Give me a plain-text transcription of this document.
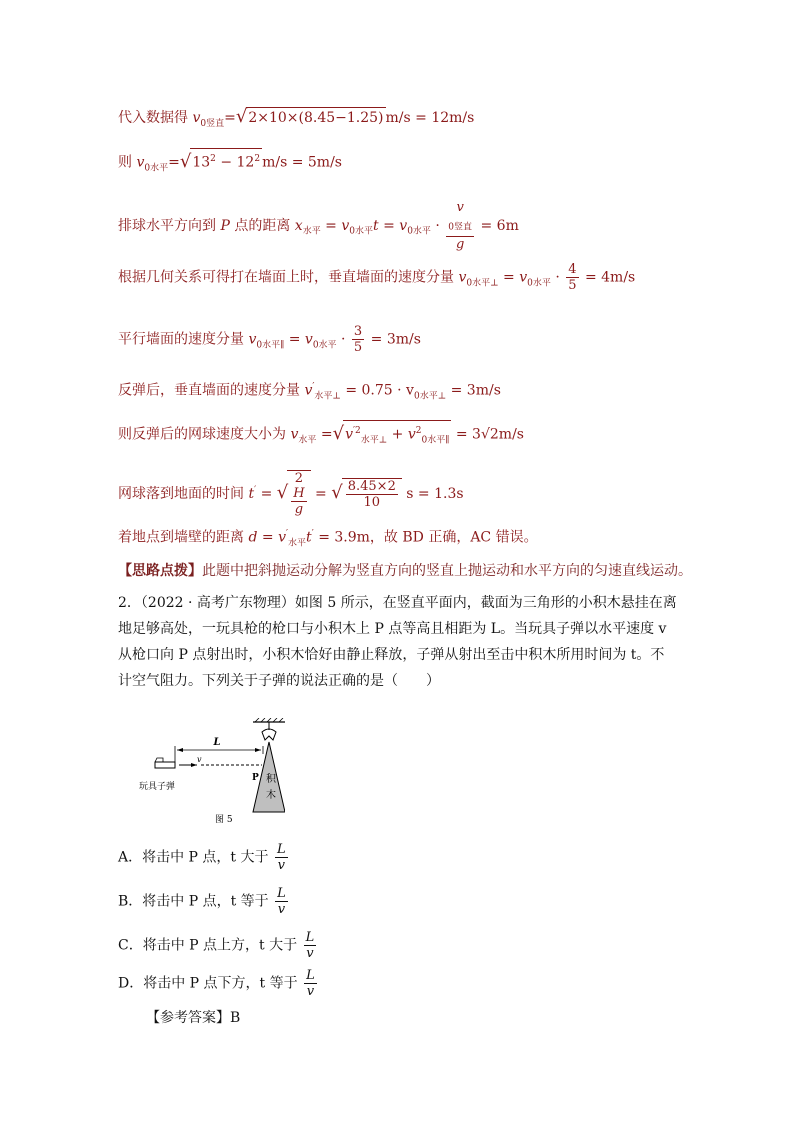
代入数据得 $v_{0竖直}=√2\times 10\times(8.45-1.25) m/s = 12m/s$
则 $v_{0水平}=√13^2 - 12^2$ m/s = 5m/s
排球水平方向到 P 点的距离 $x_{水平} = v_{0水平}t = v_{0水平} \cdot v$
$_{0竖直}$
g = 6m
根据几何关系可得打在墙面上时，垂直墙面的速度分量 $v_{0水平\perp} = v_{0水平} \cdot \frac{4}{5} = 4m/s$
平行墙面的速度分量 $v_{0水平\parallel} = v_{0水平} \cdot \frac{3}{5} = 3m/s$
反弹后，垂直墙面的速度分量 $v'_{水平\perp} = 0.75 \cdot v_{0水平\perp} = 3m/s$
则反弹后的网球速度大小为 $v_{水平} =√v^{'2}_{水平\perp} + v^2_{0水平\parallel} = 3√2m/s$
网球落到地面的时间 t′ = √ 2
H
g = √ $\frac{8.45\times 2}{10}$ s = 1.3s
着地点到墙壁的距离 $d = v'_{水平}t' = 3.9m$，故 BD 正确，AC 错误。
【思路点拨】此题中把斜抛运动分解为竖直方向的竖直上抛运动和水平方向的匀速直线运动。
2．（2022 · 高考广东物理）如图 5 所示，在竖直平面内，截面为三角形的小积木悬挂在离地足够高处，一玩具枪的枪口与小积木上 P 点等高且相距为 L。当玩具子弹以水平速度 v 从枪口向 P 点射出时，小积木恰好由静止释放，子弹从射出至击中积木所用时间为 t。不计空气阻力。下列关于子弹的说法正确的是（　　）
积
木
P
L
v
玩具子弹
图 5
A．将击中 P 点，t 大于 $\frac{L}{v}$
B．将击中 P 点，t 等于 $\frac{L}{v}$
C．将击中 P 点上方，t 大于 $\frac{L}{v}$
D．将击中 P 点下方，t 等于 $\frac{L}{v}$
【参考答案】B
